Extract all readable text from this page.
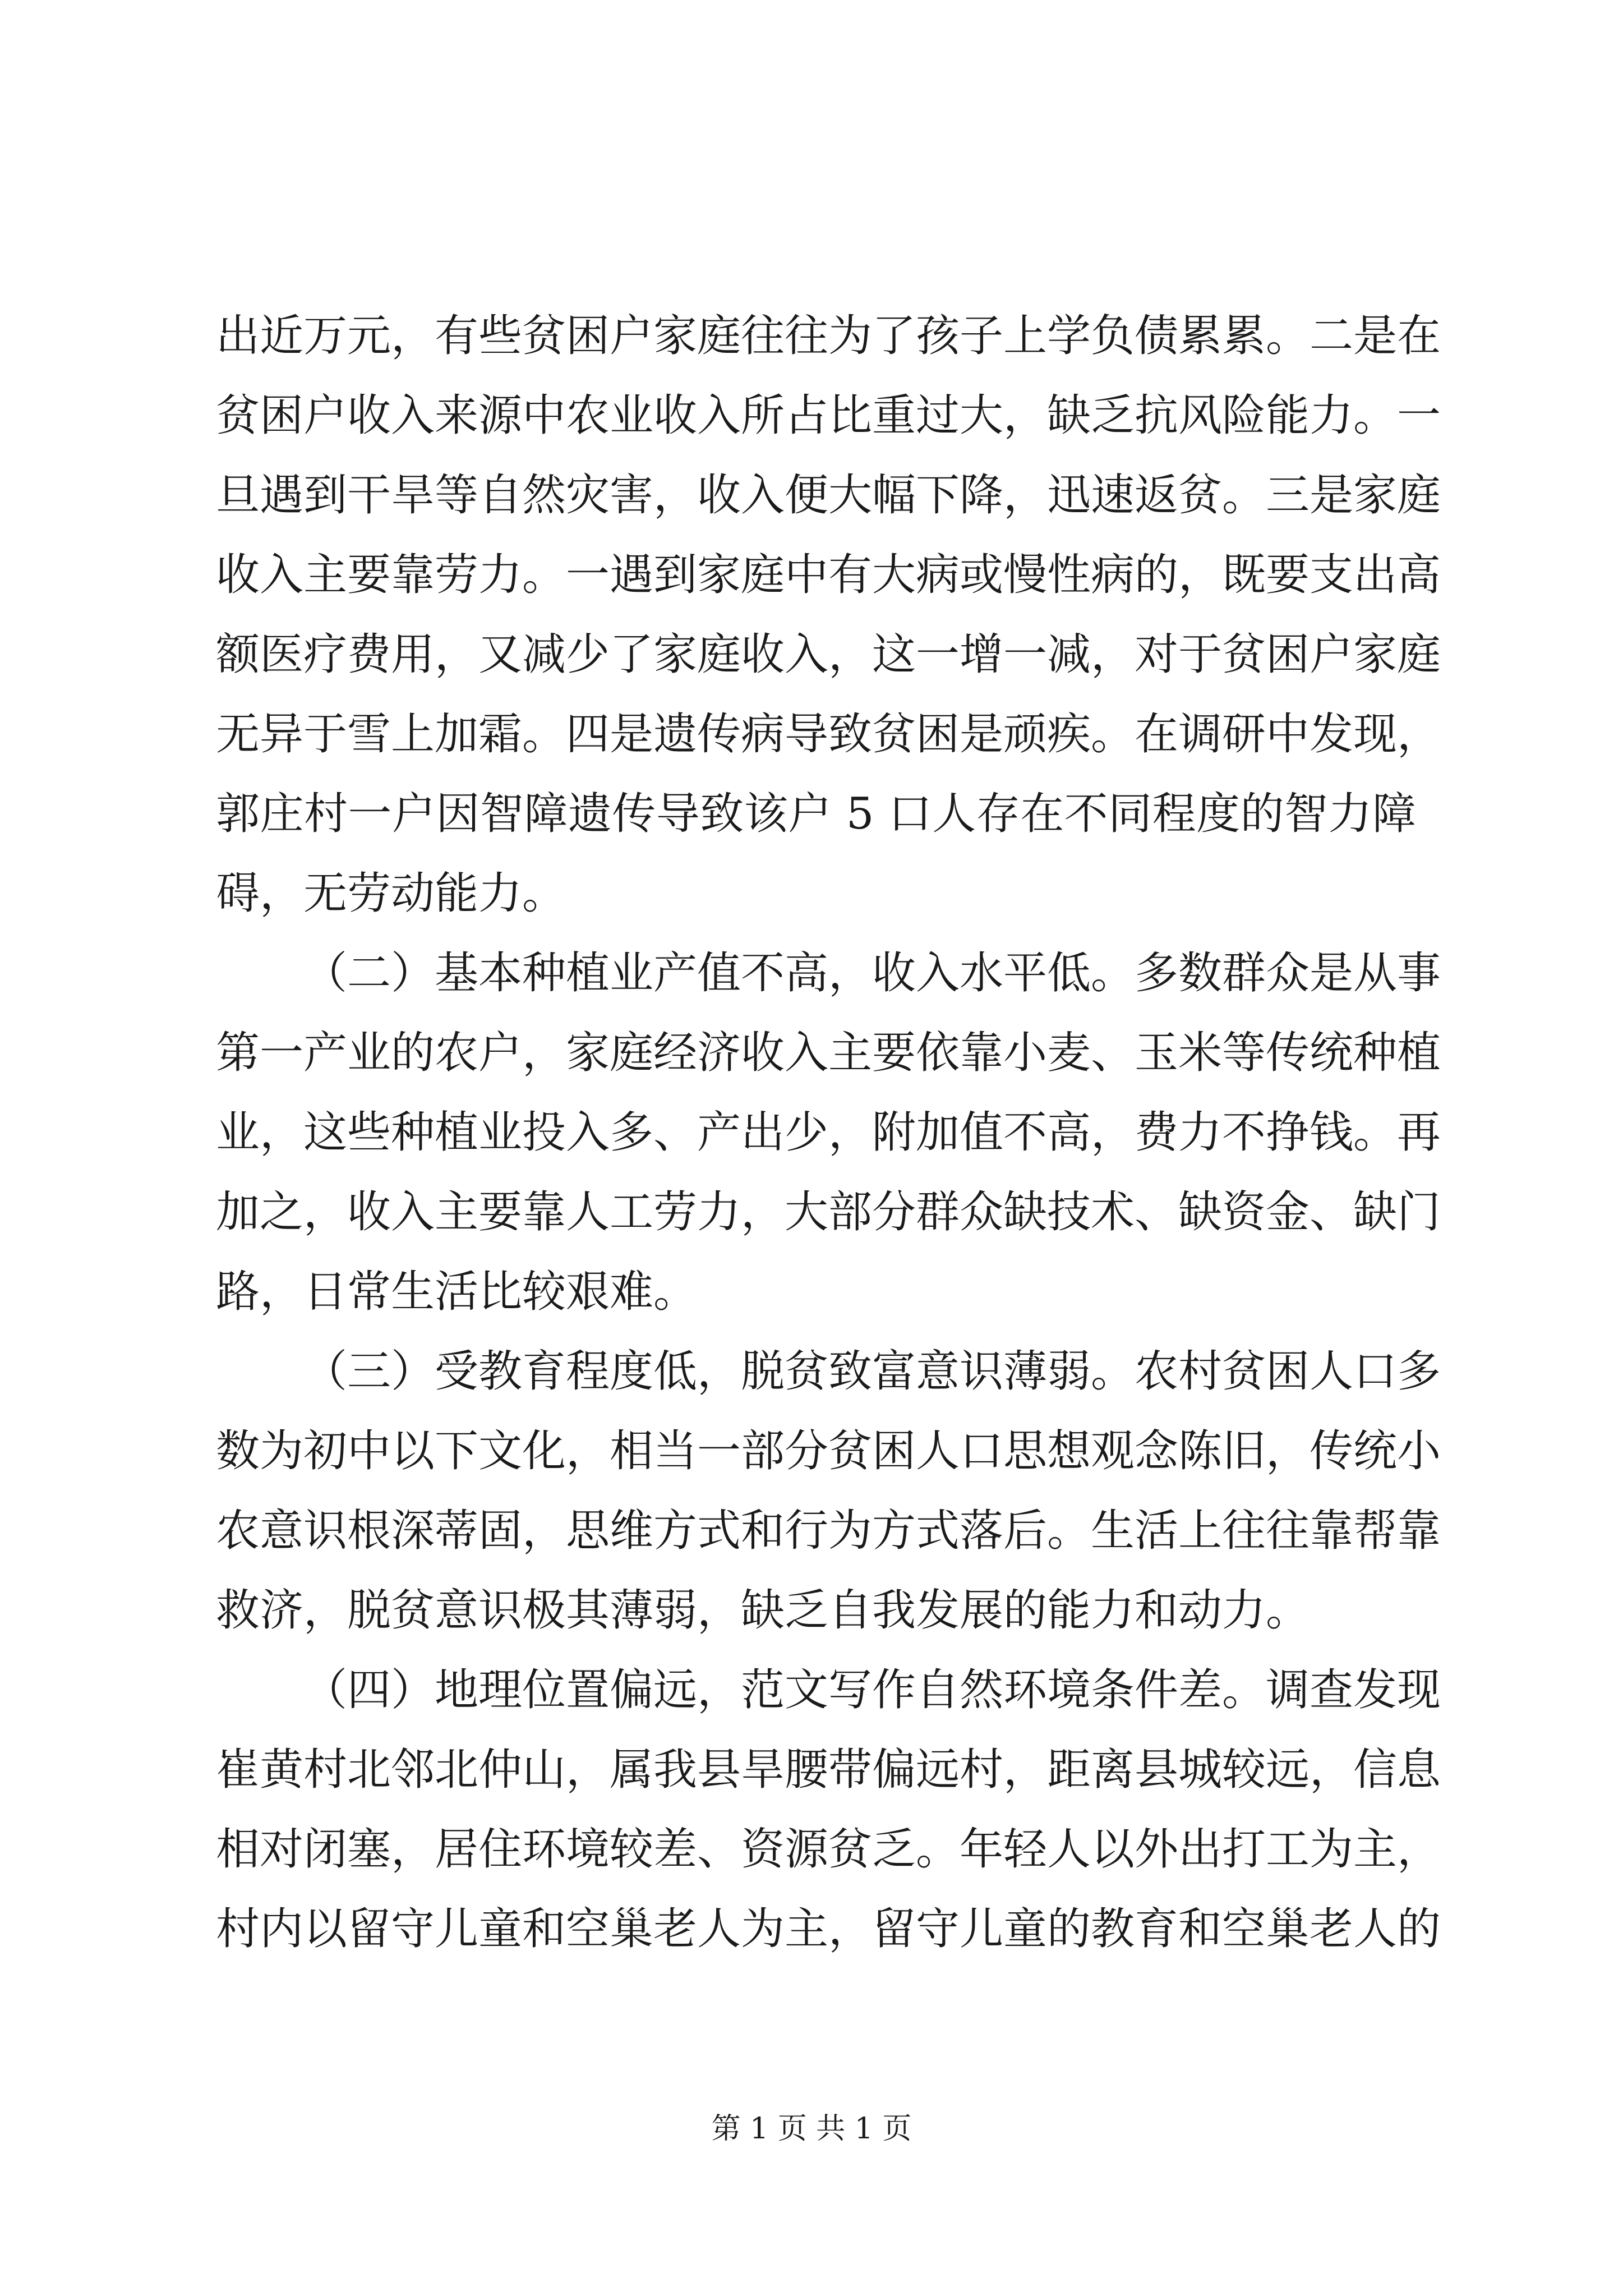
出近万元，有些贫困户家庭往往为了孩子上学负债累累。二是在
贫困户收入来源中农业收入所占比重过大，缺乏抗风险能力。一
旦遇到干旱等自然灾害，收入便大幅下降，迅速返贫。三是家庭
收入主要靠劳力。一遇到家庭中有大病或慢性病的，既要支出高
额医疗费用，又减少了家庭收入，这一增一减，对于贫困户家庭
无异于雪上加霜。四是遗传病导致贫困是顽疾。在调研中发现，
郭庄村一户因智障遗传导致该户 5 口人存在不同程度的智力障
碍，无劳动能力。
（二）基本种植业产值不高，收入水平低。多数群众是从事
第一产业的农户，家庭经济收入主要依靠小麦、玉米等传统种植
业，这些种植业投入多、产出少，附加值不高，费力不挣钱。再
加之，收入主要靠人工劳力，大部分群众缺技术、缺资金、缺门
路，日常生活比较艰难。
（三）受教育程度低，脱贫致富意识薄弱。农村贫困人口多
数为初中以下文化，相当一部分贫困人口思想观念陈旧，传统小
农意识根深蒂固，思维方式和行为方式落后。生活上往往靠帮靠
救济，脱贫意识极其薄弱，缺乏自我发展的能力和动力。
（四）地理位置偏远，范文写作自然环境条件差。调查发现
崔黄村北邻北仲山，属我县旱腰带偏远村，距离县城较远，信息
相对闭塞，居住环境较差、资源贫乏。年轻人以外出打工为主，
村内以留守儿童和空巢老人为主，留守儿童的教育和空巢老人的
第 1 页 共 1 页
